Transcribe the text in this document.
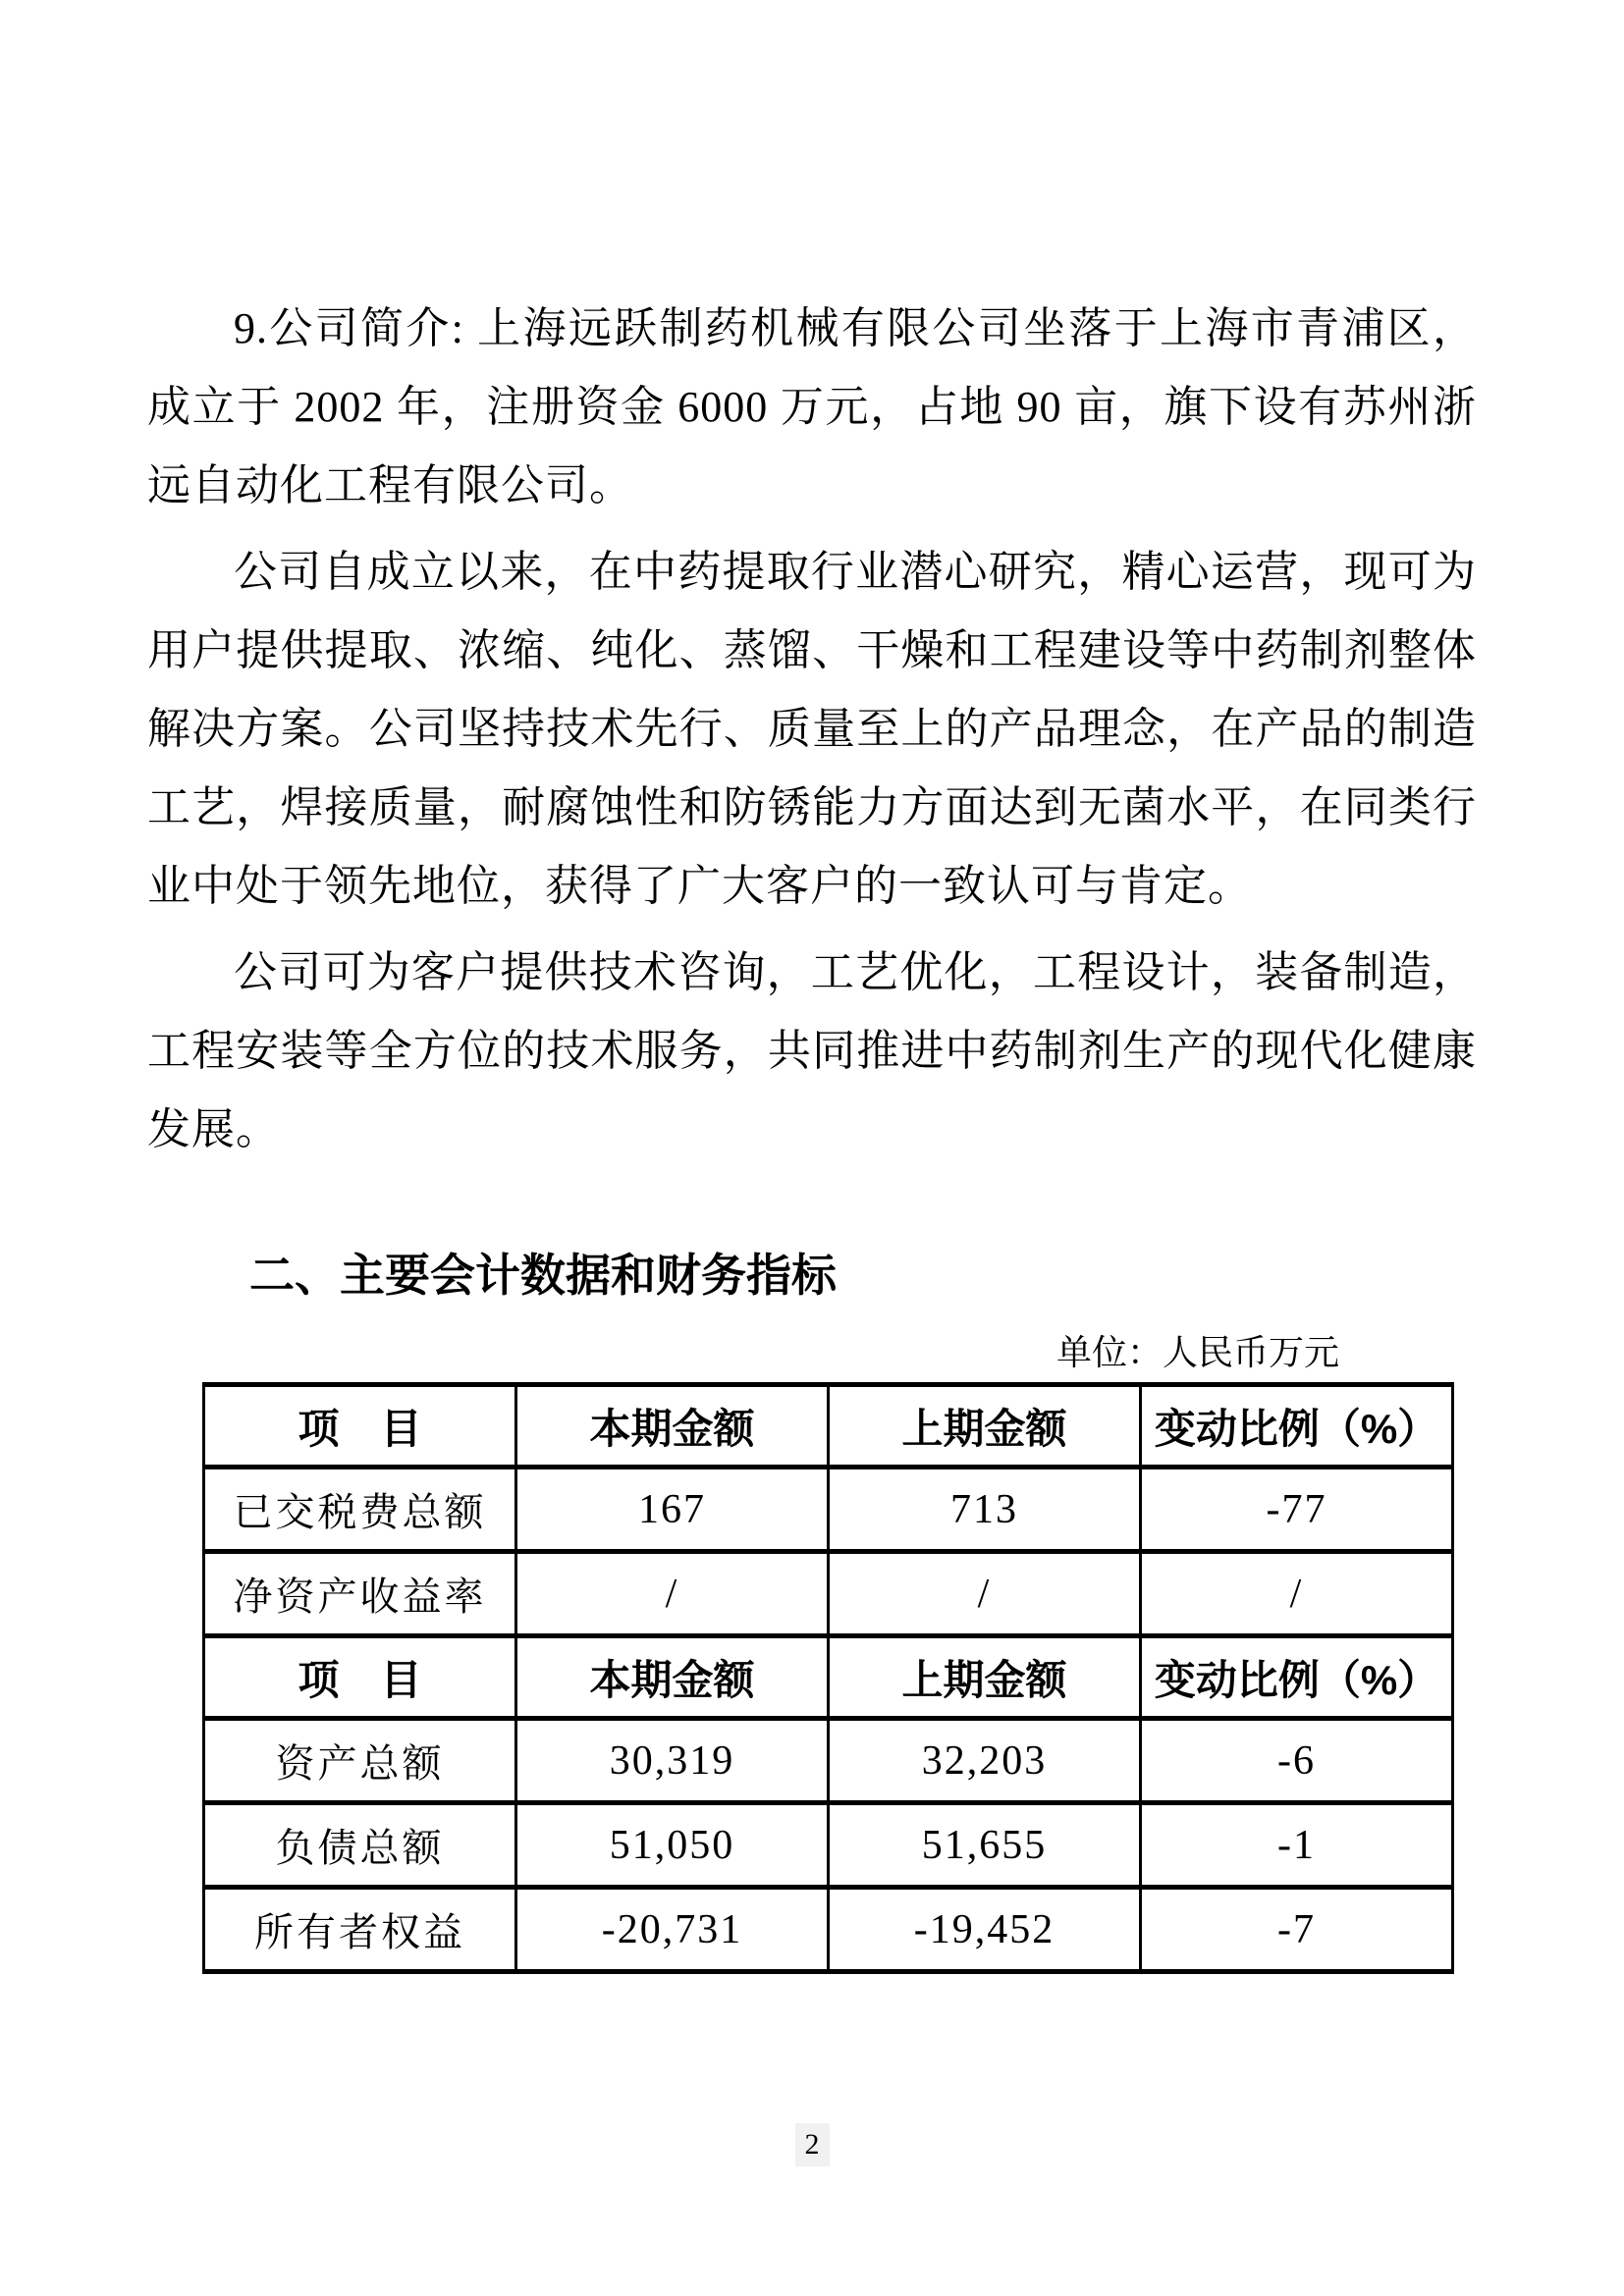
9.公司简介: 上海远跃制药机械有限公司坐落于上海市青浦区，成立于 2002 年，注册资金 6000 万元，占地 90 亩，旗下设有苏州浙远自动化工程有限公司。

公司自成立以来，在中药提取行业潜心研究，精心运营，现可为用户提供提取、浓缩、纯化、蒸馏、干燥和工程建设等中药制剂整体解决方案。公司坚持技术先行、质量至上的产品理念，在产品的制造工艺，焊接质量，耐腐蚀性和防锈能力方面达到无菌水平，在同类行业中处于领先地位，获得了广大客户的一致认可与肯定。

公司可为客户提供技术咨询，工艺优化，工程设计，装备制造，工程安装等全方位的技术服务，共同推进中药制剂生产的现代化健康发展。

二、主要会计数据和财务指标
单位：人民币万元
项　目	本期金额	上期金额	变动比例（%）
已交税费总额	167	713	-77
净资产收益率	/	/	/
项　目	本期金额	上期金额	变动比例（%）
资产总额	30,319	32,203	-6
负债总额	51,050	51,655	-1
所有者权益	-20,731	-19,452	-7
2
